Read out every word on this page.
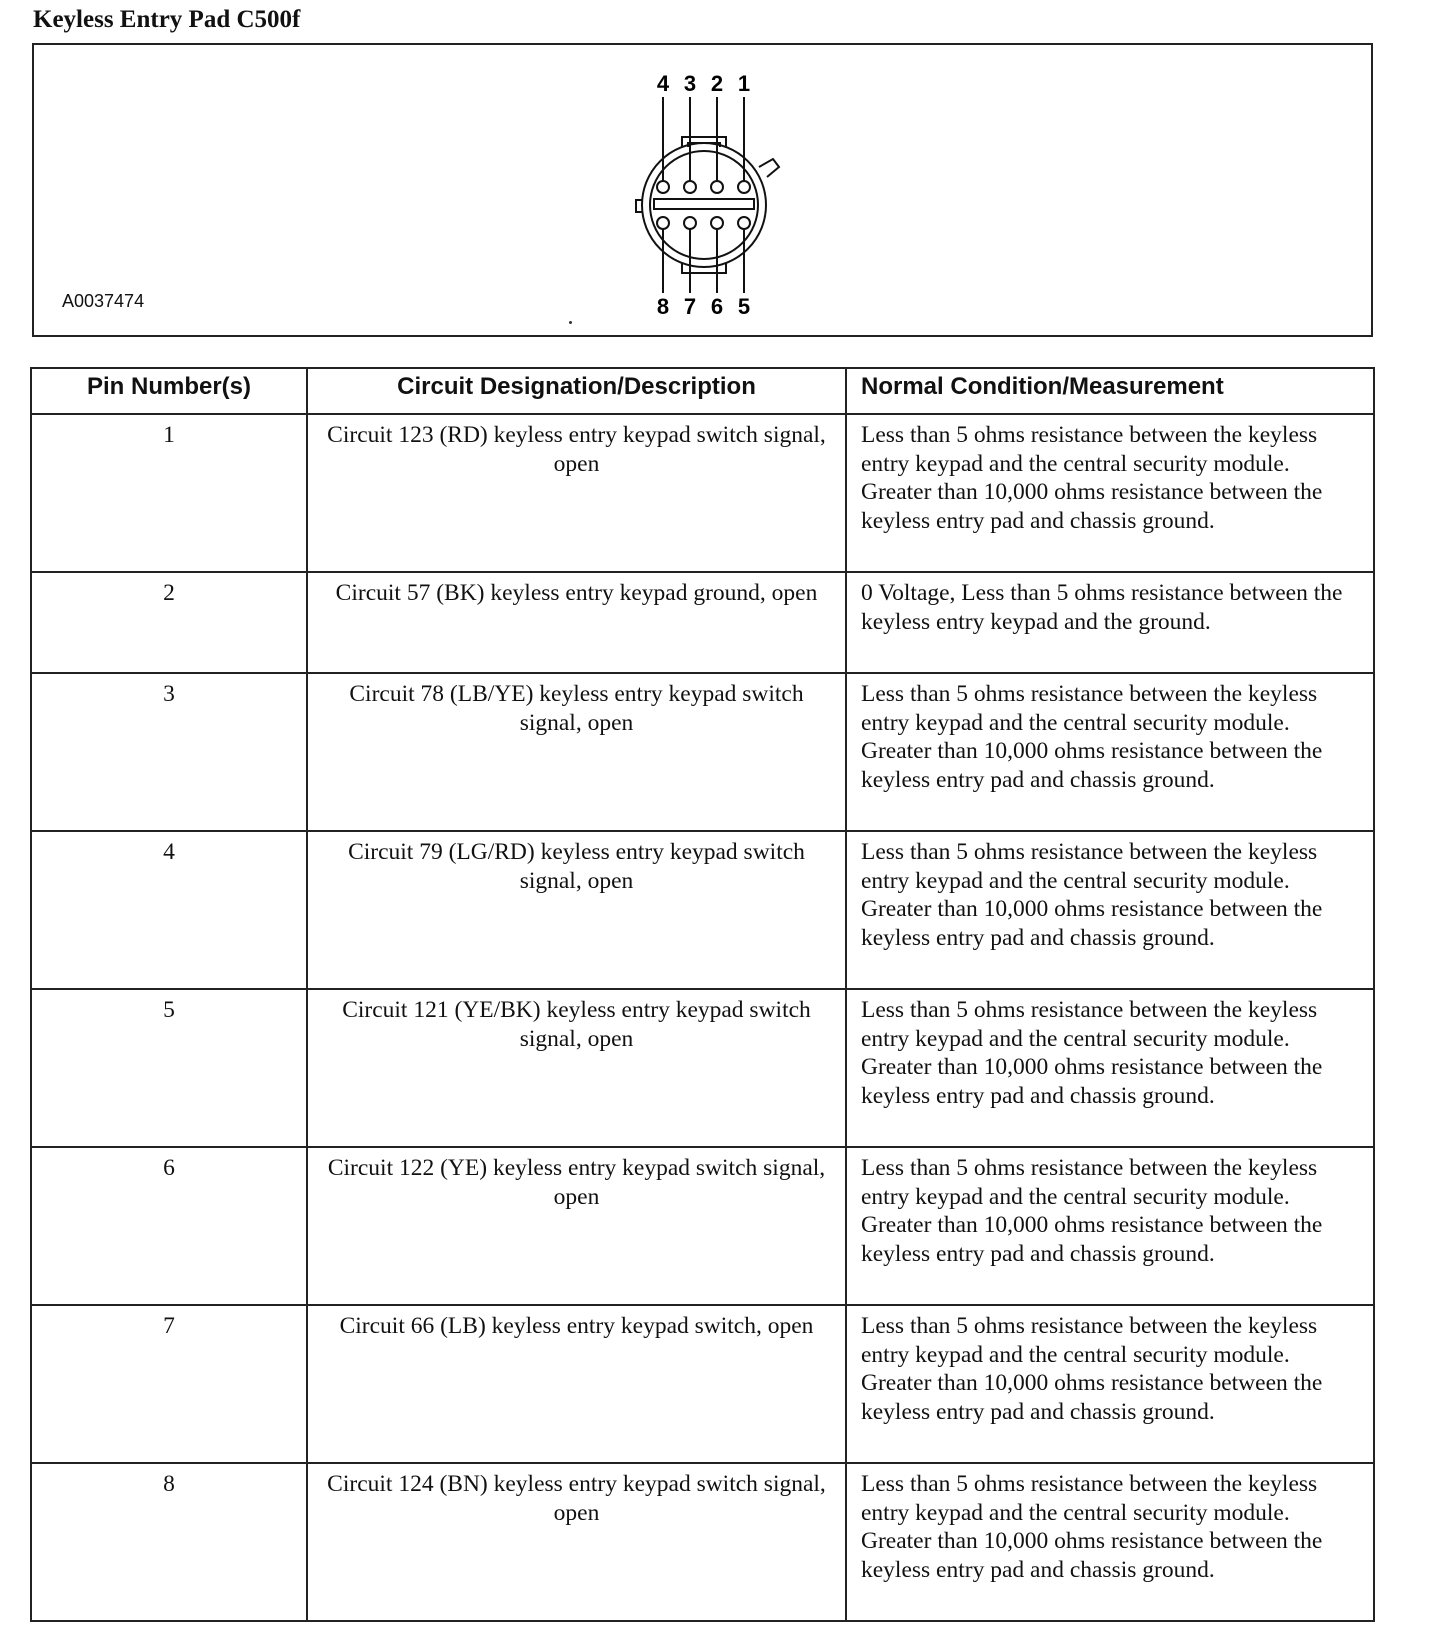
Keyless Entry Pad C500f
4 3 2 1
8 7 6 5
A0037474
Pin Number(s)	Circuit Designation/Description	Normal Condition/Measurement
1	Circuit 123 (RD) keyless entry keypad switch signal, open	Less than 5 ohms resistance between the keyless entry keypad and the central security module. Greater than 10,000 ohms resistance between the keyless entry pad and chassis ground.
2	Circuit 57 (BK) keyless entry keypad ground, open	0 Voltage, Less than 5 ohms resistance between the keyless entry keypad and the ground.
3	Circuit 78 (LB/YE) keyless entry keypad switch signal, open	Less than 5 ohms resistance between the keyless entry keypad and the central security module. Greater than 10,000 ohms resistance between the keyless entry pad and chassis ground.
4	Circuit 79 (LG/RD) keyless entry keypad switch signal, open	Less than 5 ohms resistance between the keyless entry keypad and the central security module. Greater than 10,000 ohms resistance between the keyless entry pad and chassis ground.
5	Circuit 121 (YE/BK) keyless entry keypad switch signal, open	Less than 5 ohms resistance between the keyless entry keypad and the central security module. Greater than 10,000 ohms resistance between the keyless entry pad and chassis ground.
6	Circuit 122 (YE) keyless entry keypad switch signal, open	Less than 5 ohms resistance between the keyless entry keypad and the central security module. Greater than 10,000 ohms resistance between the keyless entry pad and chassis ground.
7	Circuit 66 (LB) keyless entry keypad switch, open	Less than 5 ohms resistance between the keyless entry keypad and the central security module. Greater than 10,000 ohms resistance between the keyless entry pad and chassis ground.
8	Circuit 124 (BN) keyless entry keypad switch signal, open	Less than 5 ohms resistance between the keyless entry keypad and the central security module. Greater than 10,000 ohms resistance between the keyless entry pad and chassis ground.
